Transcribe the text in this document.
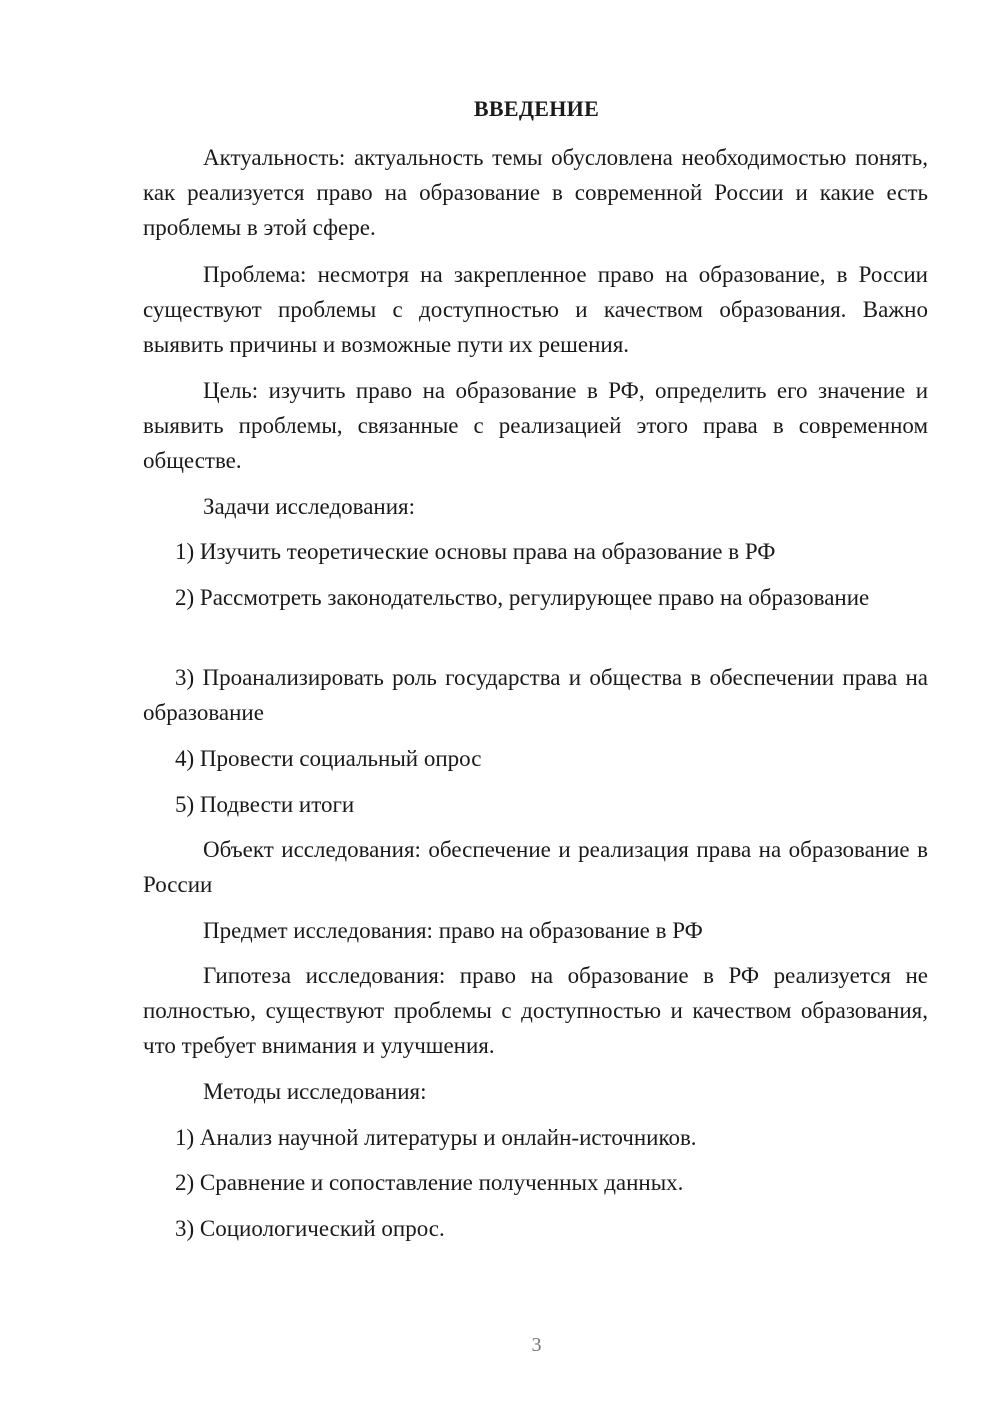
ВВЕДЕНИЕ

Актуальность: актуальность темы обусловлена необходимостью понять, как реализуется право на образование в современной России и какие есть проблемы в этой сфере.

Проблема: несмотря на закрепленное право на образование, в России существуют проблемы с доступностью и качеством образования. Важно выявить причины и возможные пути их решения.

Цель: изучить право на образование в РФ, определить его значение и выявить проблемы, связанные с реализацией этого права в современном обществе.

Задачи исследования:

1) Изучить теоретические основы права на образование в РФ

2) Рассмотреть законодательство, регулирующее право на образование

3) Проанализировать роль государства и общества в обеспечении права на образование

4) Провести социальный опрос

5) Подвести итоги

Объект исследования: обеспечение и реализация права на образование в России

Предмет исследования: право на образование в РФ

Гипотеза исследования: право на образование в РФ реализуется не полностью, существуют проблемы с доступностью и качеством образования, что требует внимания и улучшения.

Методы исследования:

1) Анализ научной литературы и онлайн-источников.

2) Сравнение и сопоставление полученных данных.

3) Социологический опрос.

3
